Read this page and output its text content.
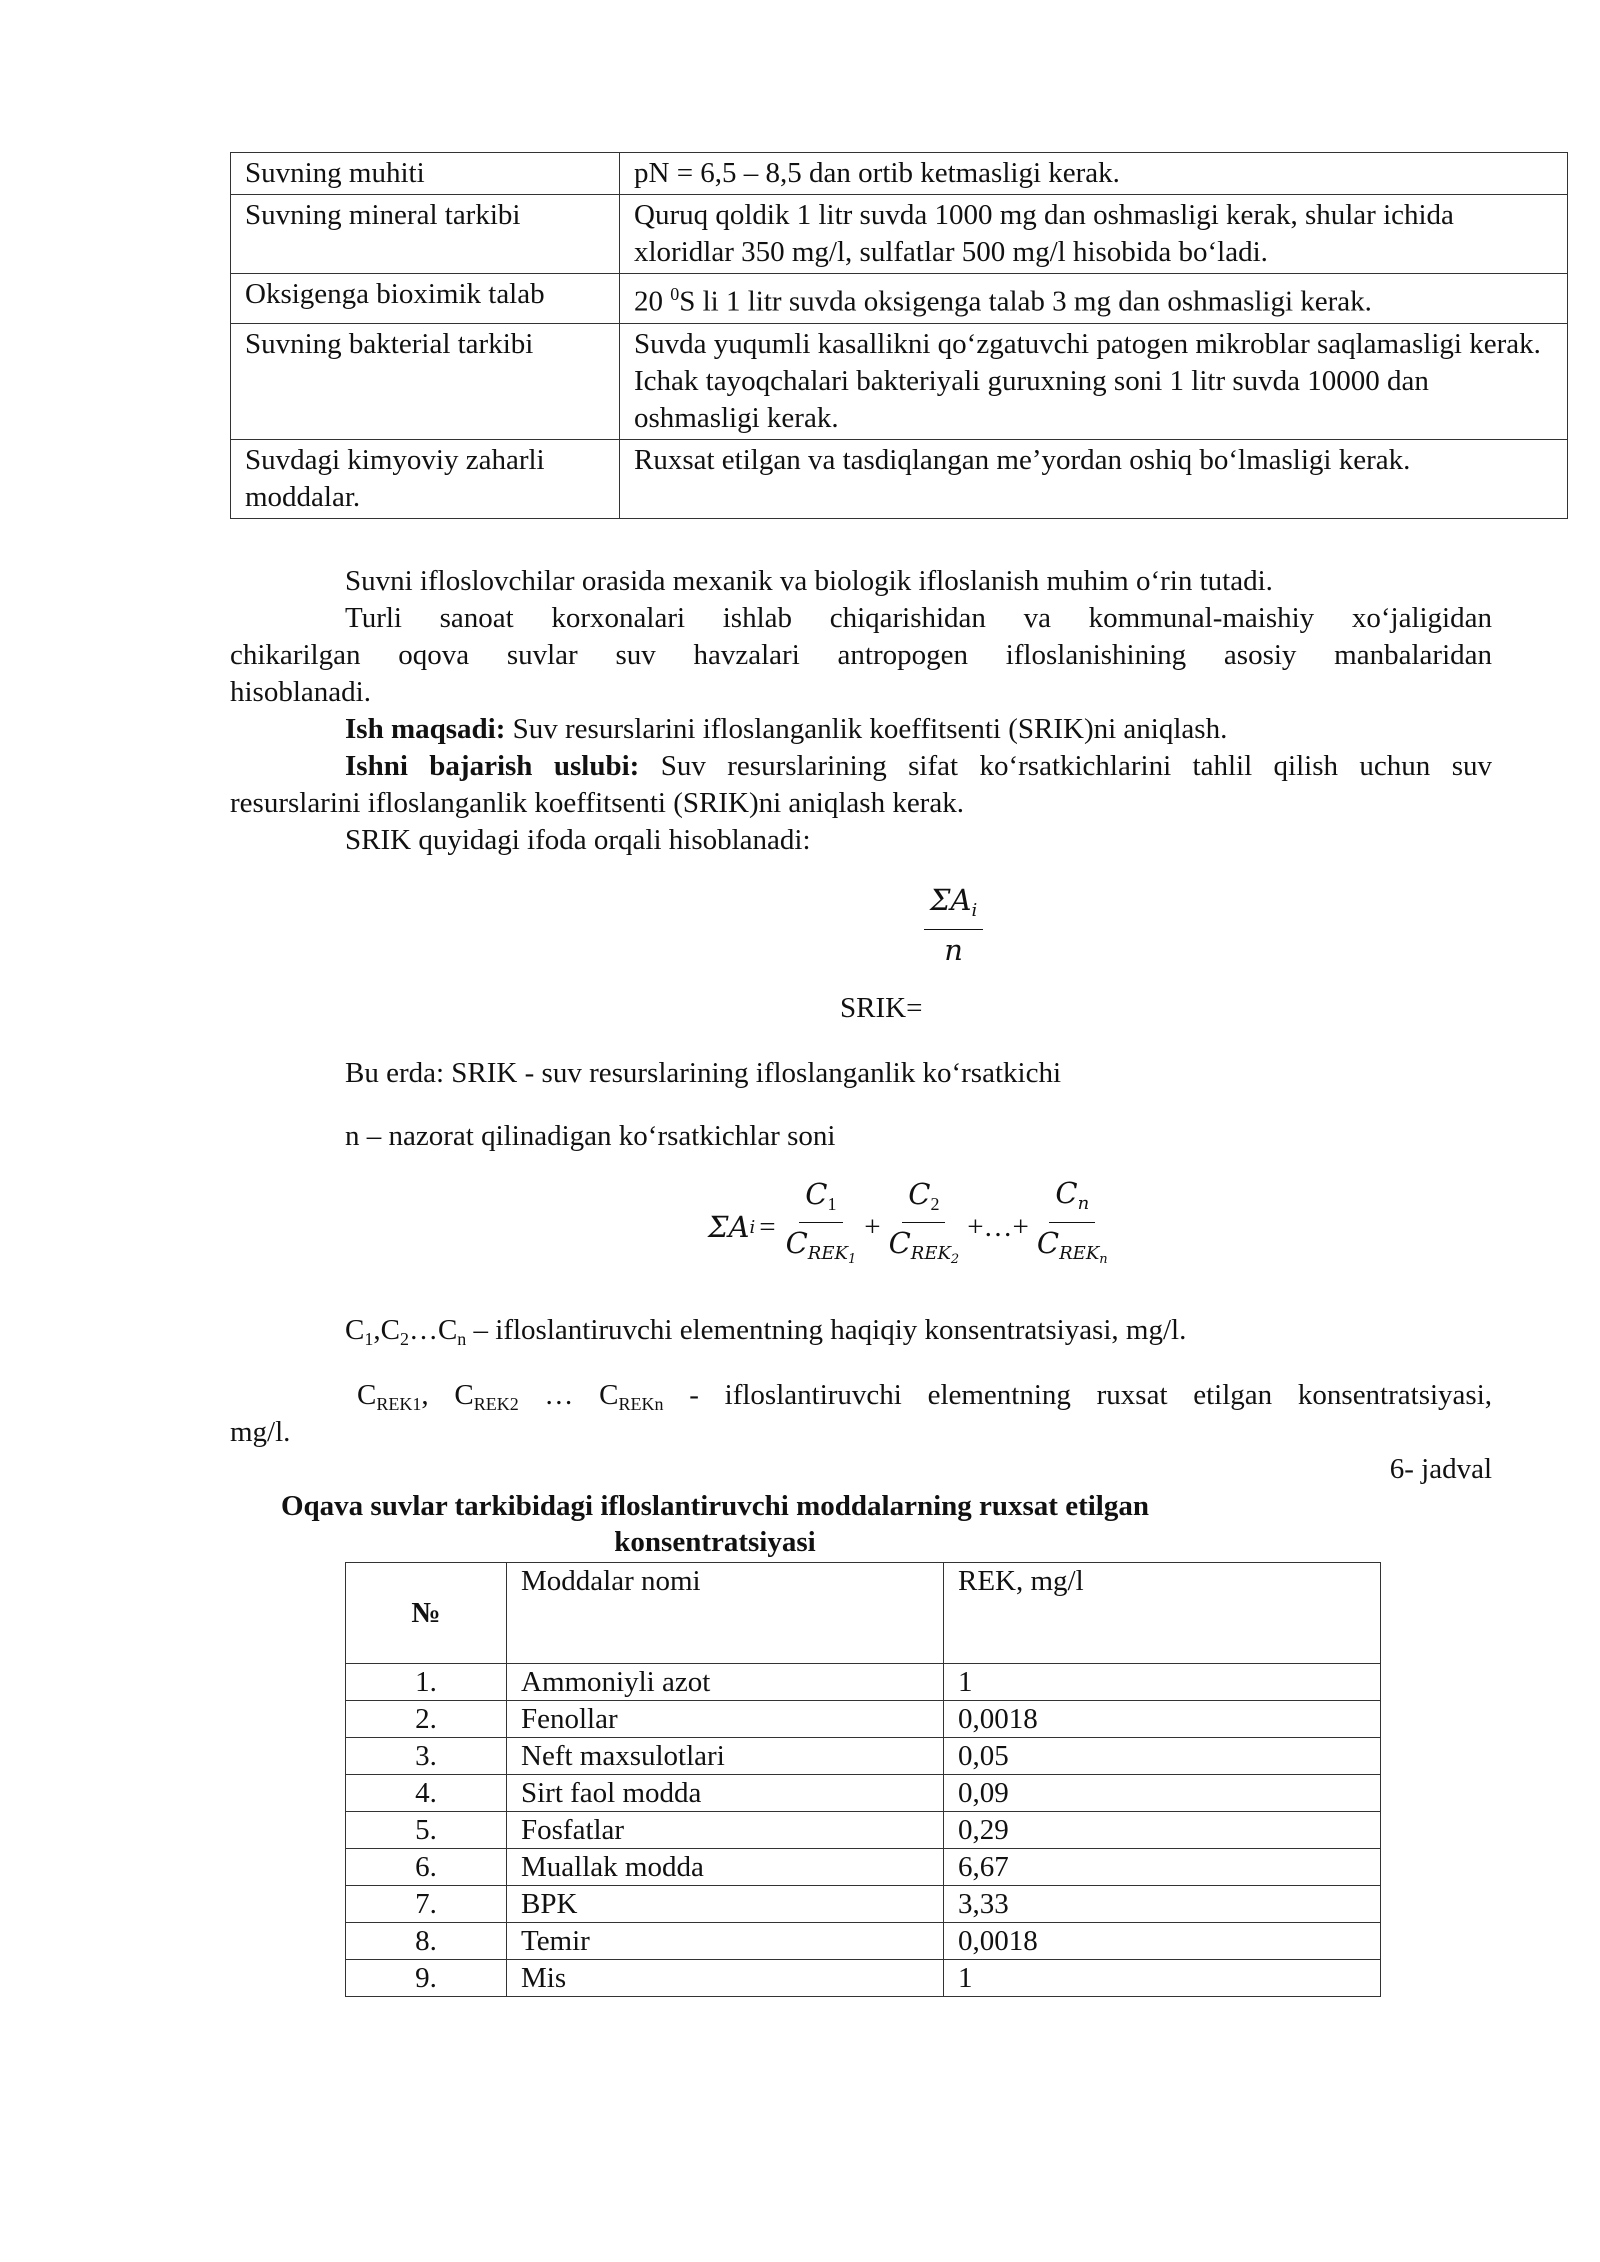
Suvning muhiti	pN = 6,5 – 8,5 dan ortib ketmasligi kerak.
Suvning mineral tarkibi	Quruq qoldik 1 litr suvda 1000 mg dan oshmasligi kerak, shular ichida xloridlar 350 mg/l, sulfatlar 500 mg/l hisobida bo‘ladi.
Oksigenga bioximik talab	20 $^0$S li 1 litr suvda oksigenga talab 3 mg dan oshmasligi kerak.
Suvning bakterial tarkibi	Suvda yuqumli kasallikni qo‘zgatuvchi patogen mikroblar saqlamasligi kerak. Ichak tayoqchalari bakteriyali guruxning soni 1 litr suvda 10000 dan oshmasligi kerak.
Suvdagi kimyoviy zaharli moddalar.	Ruxsat etilgan va tasdiqlangan me’yordan oshiq bo‘lmasligi kerak.
Suvni ifloslovchilar orasida mexanik va biologik ifloslanish muhim o‘rin tutadi.
Turli sanoat korxonalari ishlab chiqarishidan va kommunal-maishiy xo‘jaligidan
chikarilgan oqova suvlar suv havzalari antropogen ifloslanishining asosiy manbalaridan
hisoblanadi.
Ish maqsadi: Suv resurslarini ifloslanganlik koeffitsenti (SRIK)ni aniqlash.
Ishni bajarish uslubi: Suv resurslarining sifat ko‘rsatkichlarini tahlil qilish uchun suv
resurslarini ifloslanganlik koeffitsenti (SRIK)ni aniqlash kerak.
SRIK quyidagi ifoda orqali hisoblanadi:
$\frac{\Sigma A_i}{n}$
SRIK=
Bu erda: SRIK - suv resurslarining ifloslanganlik ko‘rsatkichi
n – nazorat qilinadigan ko‘rsatkichlar soni
Σ A $i = \frac{C_1}{C_{REK1}} + \frac{C_2}{C_{REK2}}$ +…+ $\frac{C_n}{C_{REKn}}$
$C_1,C_2\dots C_n$ – ifloslantiruvchi elementning haqiqiy konsentratsiyasi, mg/l.
$C_{REK1}$, $C_{REK2}$ … $C_{REKn}$ - ifloslantiruvchi elementning ruxsat etilgan konsentratsiyasi,
mg/l.
6- jadval
Oqava suvlar tarkibidagi ifloslantiruvchi moddalarning ruxsat etilgan
konsentratsiyasi
№	Moddalar nomi	REK, mg/l
1.	Ammoniyli azot	1
2.	Fenollar	0,0018
3.	Neft maxsulotlari	0,05
4.	Sirt faol modda	0,09
5.	Fosfatlar	0,29
6.	Muallak modda	6,67
7.	BPK	3,33
8.	Temir	0,0018
9.	Mis	1
